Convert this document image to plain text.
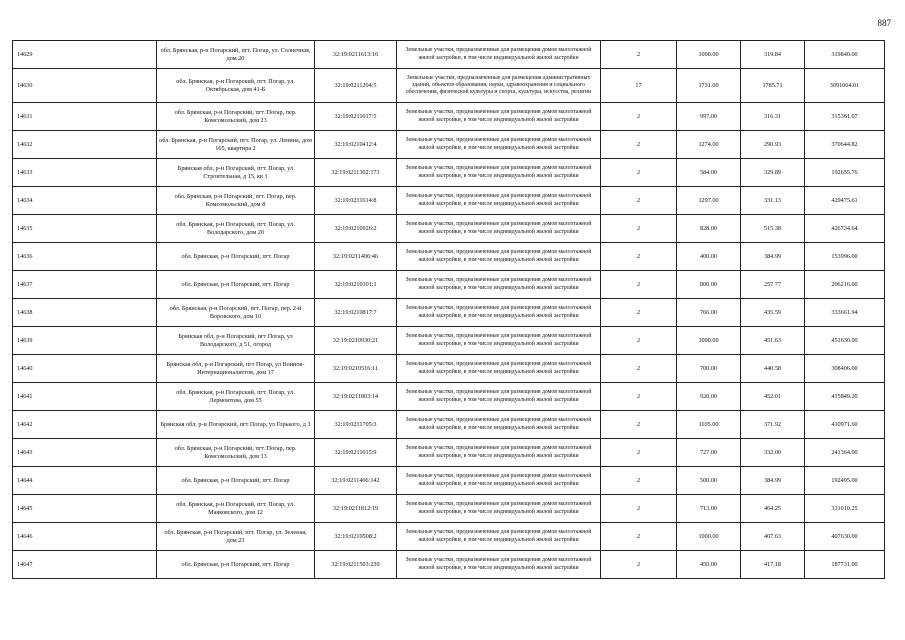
887
14629	обл. Брянская, р-н Погарский, пгт. Погар, ул. Солнечная, дом 20	32:19:0211613:16	Земельные участки, предназначенные для размещения домов малоэтажной жилой застройки, в том числе индивидуальной жилой застройки	2	1000.00	319.84	319840.00
14630	обл. Брянская, р-н Погарский, пгт. Погар, ул. Октябрьская, дом 41-Б	32:19:0211204:5	Земельные участки, предназначенные для размещения административных зданий, объектов образования, науки, здравоохранения и социального обеспечения, физической культуры и спорта, культуры, искусства, религии	17	1731.00	1785.71	3091064.01
14631	обл. Брянская, р-н Погарский, пгт. Погар, пер. Комсомольский, дом 23	32:19:0211617:5	Земельные участки, предназначенные для размещения домов малоэтажной жилой застройки, в том числе индивидуальной жилой застройки	2	997.00	316.31	315361.07
14632	обл. Брянская, р-н Погарский, пгт. Погар, ул. Ленина, дом 165, квартира 2	32:19:0210412:4	Земельные участки, предназначенные для размещения домов малоэтажной жилой застройки, в том числе индивидуальной жилой застройки	2	1274.00	290.93	370644.82
14633	Брянская обл, р-н Погарский, пгт. Погар, ул Строительная, д 15, кв 1	32:19:0211302:173	Земельные участки, предназначенные для размещения домов малоэтажной жилой застройки, в том числе индивидуальной жилой застройки	2	584.00	329.89	192655.76
14634	обл. Брянская, р-н Погарский, пгт. Погар, пер. Комсомольский, дом 8	32:19:0211614:8	Земельные участки, предназначенные для размещения домов малоэтажной жилой застройки, в том числе индивидуальной жилой застройки	2	1297.00	331.13	429475.61
14635	обл. Брянская, р-н Погарский, пгт. Погар, ул. Володарского, дом 20	32:19:0210926:2	Земельные участки, предназначенные для размещения домов малоэтажной жилой застройки, в том числе индивидуальной жилой застройки	2	828.00	515.38	426734.64
14636	обл. Брянская, р-н Погарский, пгт. Погар	32:19:0211406:46	Земельные участки, предназначенные для размещения домов малоэтажной жилой застройки, в том числе индивидуальной жилой застройки	2	400.00	384.99	153996.00
14637	обл. Брянская, р-н Погарский, пгт. Погар	32:19:0210101:1	Земельные участки, предназначенные для размещения домов малоэтажной жилой застройки, в том числе индивидуальной жилой застройки	2	800.00	257.77	206216.00
14638	обл. Брянская, р-н Погарский, пгт. Погар, пер. 2-й Воровского, дом 10	32:19:0210817:7	Земельные участки, предназначенные для размещения домов малоэтажной жилой застройки, в том числе индивидуальной жилой застройки	2	766.00	435.59	333661.94
14639	Брянская обл, р-н Погарский, пгт Погар, ул Володарского, д 51, огород	32:19:0210930:21	Земельные участки, предназначенные для размещения домов малоэтажной жилой застройки, в том числе индивидуальной жилой застройки	2	1000.00	451.63	451630.00
14640	Брянская обл, р-н Погарский, пгт Погар, ул Воинов-Интернационалистов, дом 17	32:19:0210516:11	Земельные участки, предназначенные для размещения домов малоэтажной жилой застройки, в том числе индивидуальной жилой застройки	2	700.00	440.58	308406.00
14641	обл. Брянская, р-н Погарский, пгт. Погар, ул. Лермонтова, дом 55	32:19:0211803:14	Земельные участки, предназначенные для размещения домов малоэтажной жилой застройки, в том числе индивидуальной жилой застройки	2	920.00	452.01	415849.20
14642	Брянская обл, р-н Погарский, пгт Погар, ул Горького, д 3	32:19:0211705:3	Земельные участки, предназначенные для размещения домов малоэтажной жилой застройки, в том числе индивидуальной жилой застройки	2	1105.00	371.92	410971.60
14643	обл. Брянская, р-н Погарский, пгт. Погар, пер. Комсомольский, дом 13	32:19:0211615:9	Земельные участки, предназначенные для размещения домов малоэтажной жилой застройки, в том числе индивидуальной жилой застройки	2	727.00	332.00	241364.00
14644	обл. Брянская, р-н Погарский, пгт. Погар	32:19:0211406:142	Земельные участки, предназначенные для размещения домов малоэтажной жилой застройки, в том числе индивидуальной жилой застройки	2	500.00	384.99	192495.00
14645	обл. Брянская, р-н Погарский, пгт. Погар, ул. Маяковского, дом 12	32:19:0211812:19	Земельные участки, предназначенные для размещения домов малоэтажной жилой застройки, в том числе индивидуальной жилой застройки	2	713.00	464.25	331010.25
14646	обл. Брянская, р-н Погарский, пгт. Погар, ул. Зеленая, дом 23	32:19:0210508:2	Земельные участки, предназначенные для размещения домов малоэтажной жилой застройки, в том числе индивидуальной жилой застройки	2	1000.00	407.63	407630.00
14647	обл. Брянская, р-н Погарский, пгт. Погар	32:19:0211503:230	Земельные участки, предназначенные для размещения домов малоэтажной жилой застройки, в том числе индивидуальной жилой застройки	2	450.00	417.18	187731.00
